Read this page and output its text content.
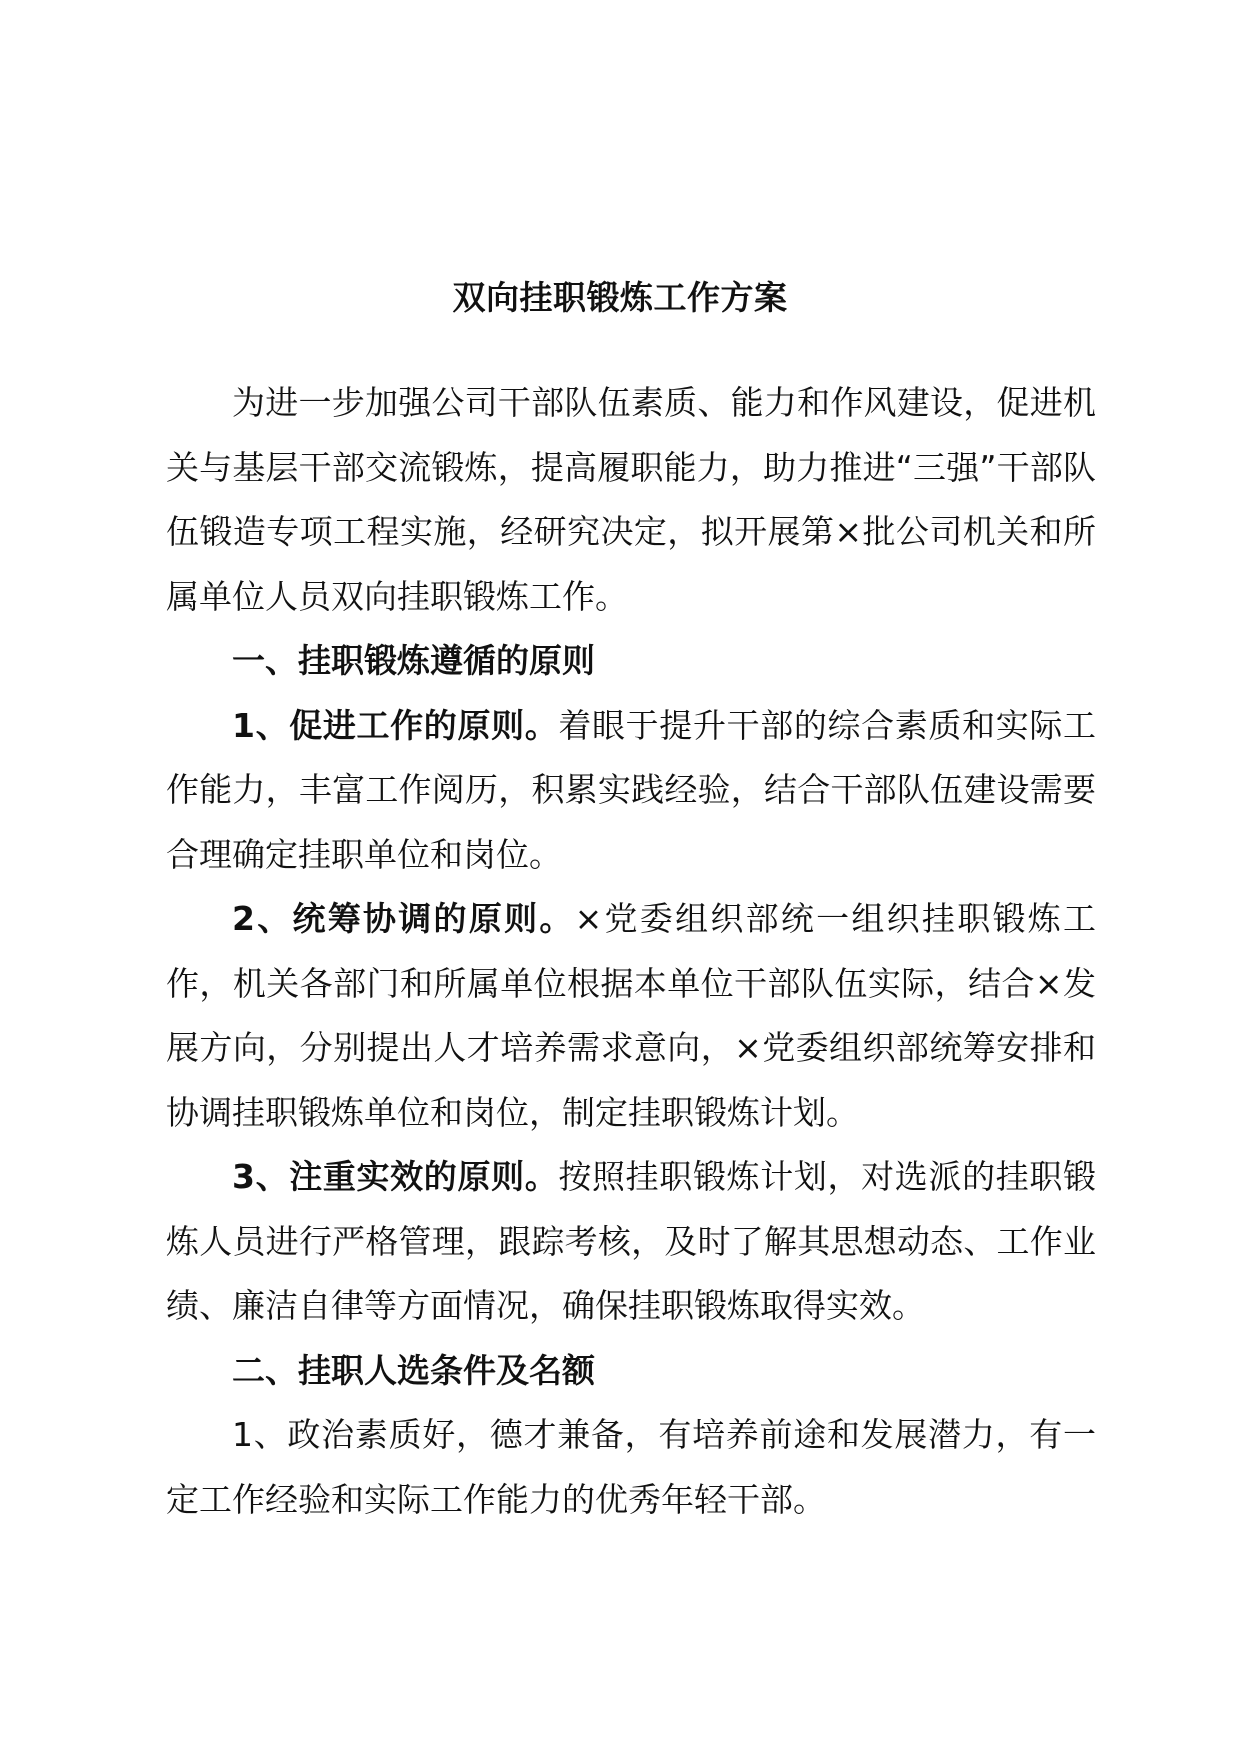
双向挂职锻炼工作方案

为进一步加强公司干部队伍素质、能力和作风建设，促进机关与基层干部交流锻炼，提高履职能力，助力推进“三强”干部队伍锻造专项工程实施，经研究决定，拟开展第×批公司机关和所属单位人员双向挂职锻炼工作。

一、挂职锻炼遵循的原则

1、促进工作的原则。着眼于提升干部的综合素质和实际工作能力，丰富工作阅历，积累实践经验，结合干部队伍建设需要合理确定挂职单位和岗位。

2、统筹协调的原则。×党委组织部统一组织挂职锻炼工作，机关各部门和所属单位根据本单位干部队伍实际，结合×发展方向，分别提出人才培养需求意向，×党委组织部统筹安排和协调挂职锻炼单位和岗位，制定挂职锻炼计划。

3、注重实效的原则。按照挂职锻炼计划，对选派的挂职锻炼人员进行严格管理，跟踪考核，及时了解其思想动态、工作业绩、廉洁自律等方面情况，确保挂职锻炼取得实效。

二、挂职人选条件及名额

1、政治素质好，德才兼备，有培养前途和发展潜力，有一定工作经验和实际工作能力的优秀年轻干部。
